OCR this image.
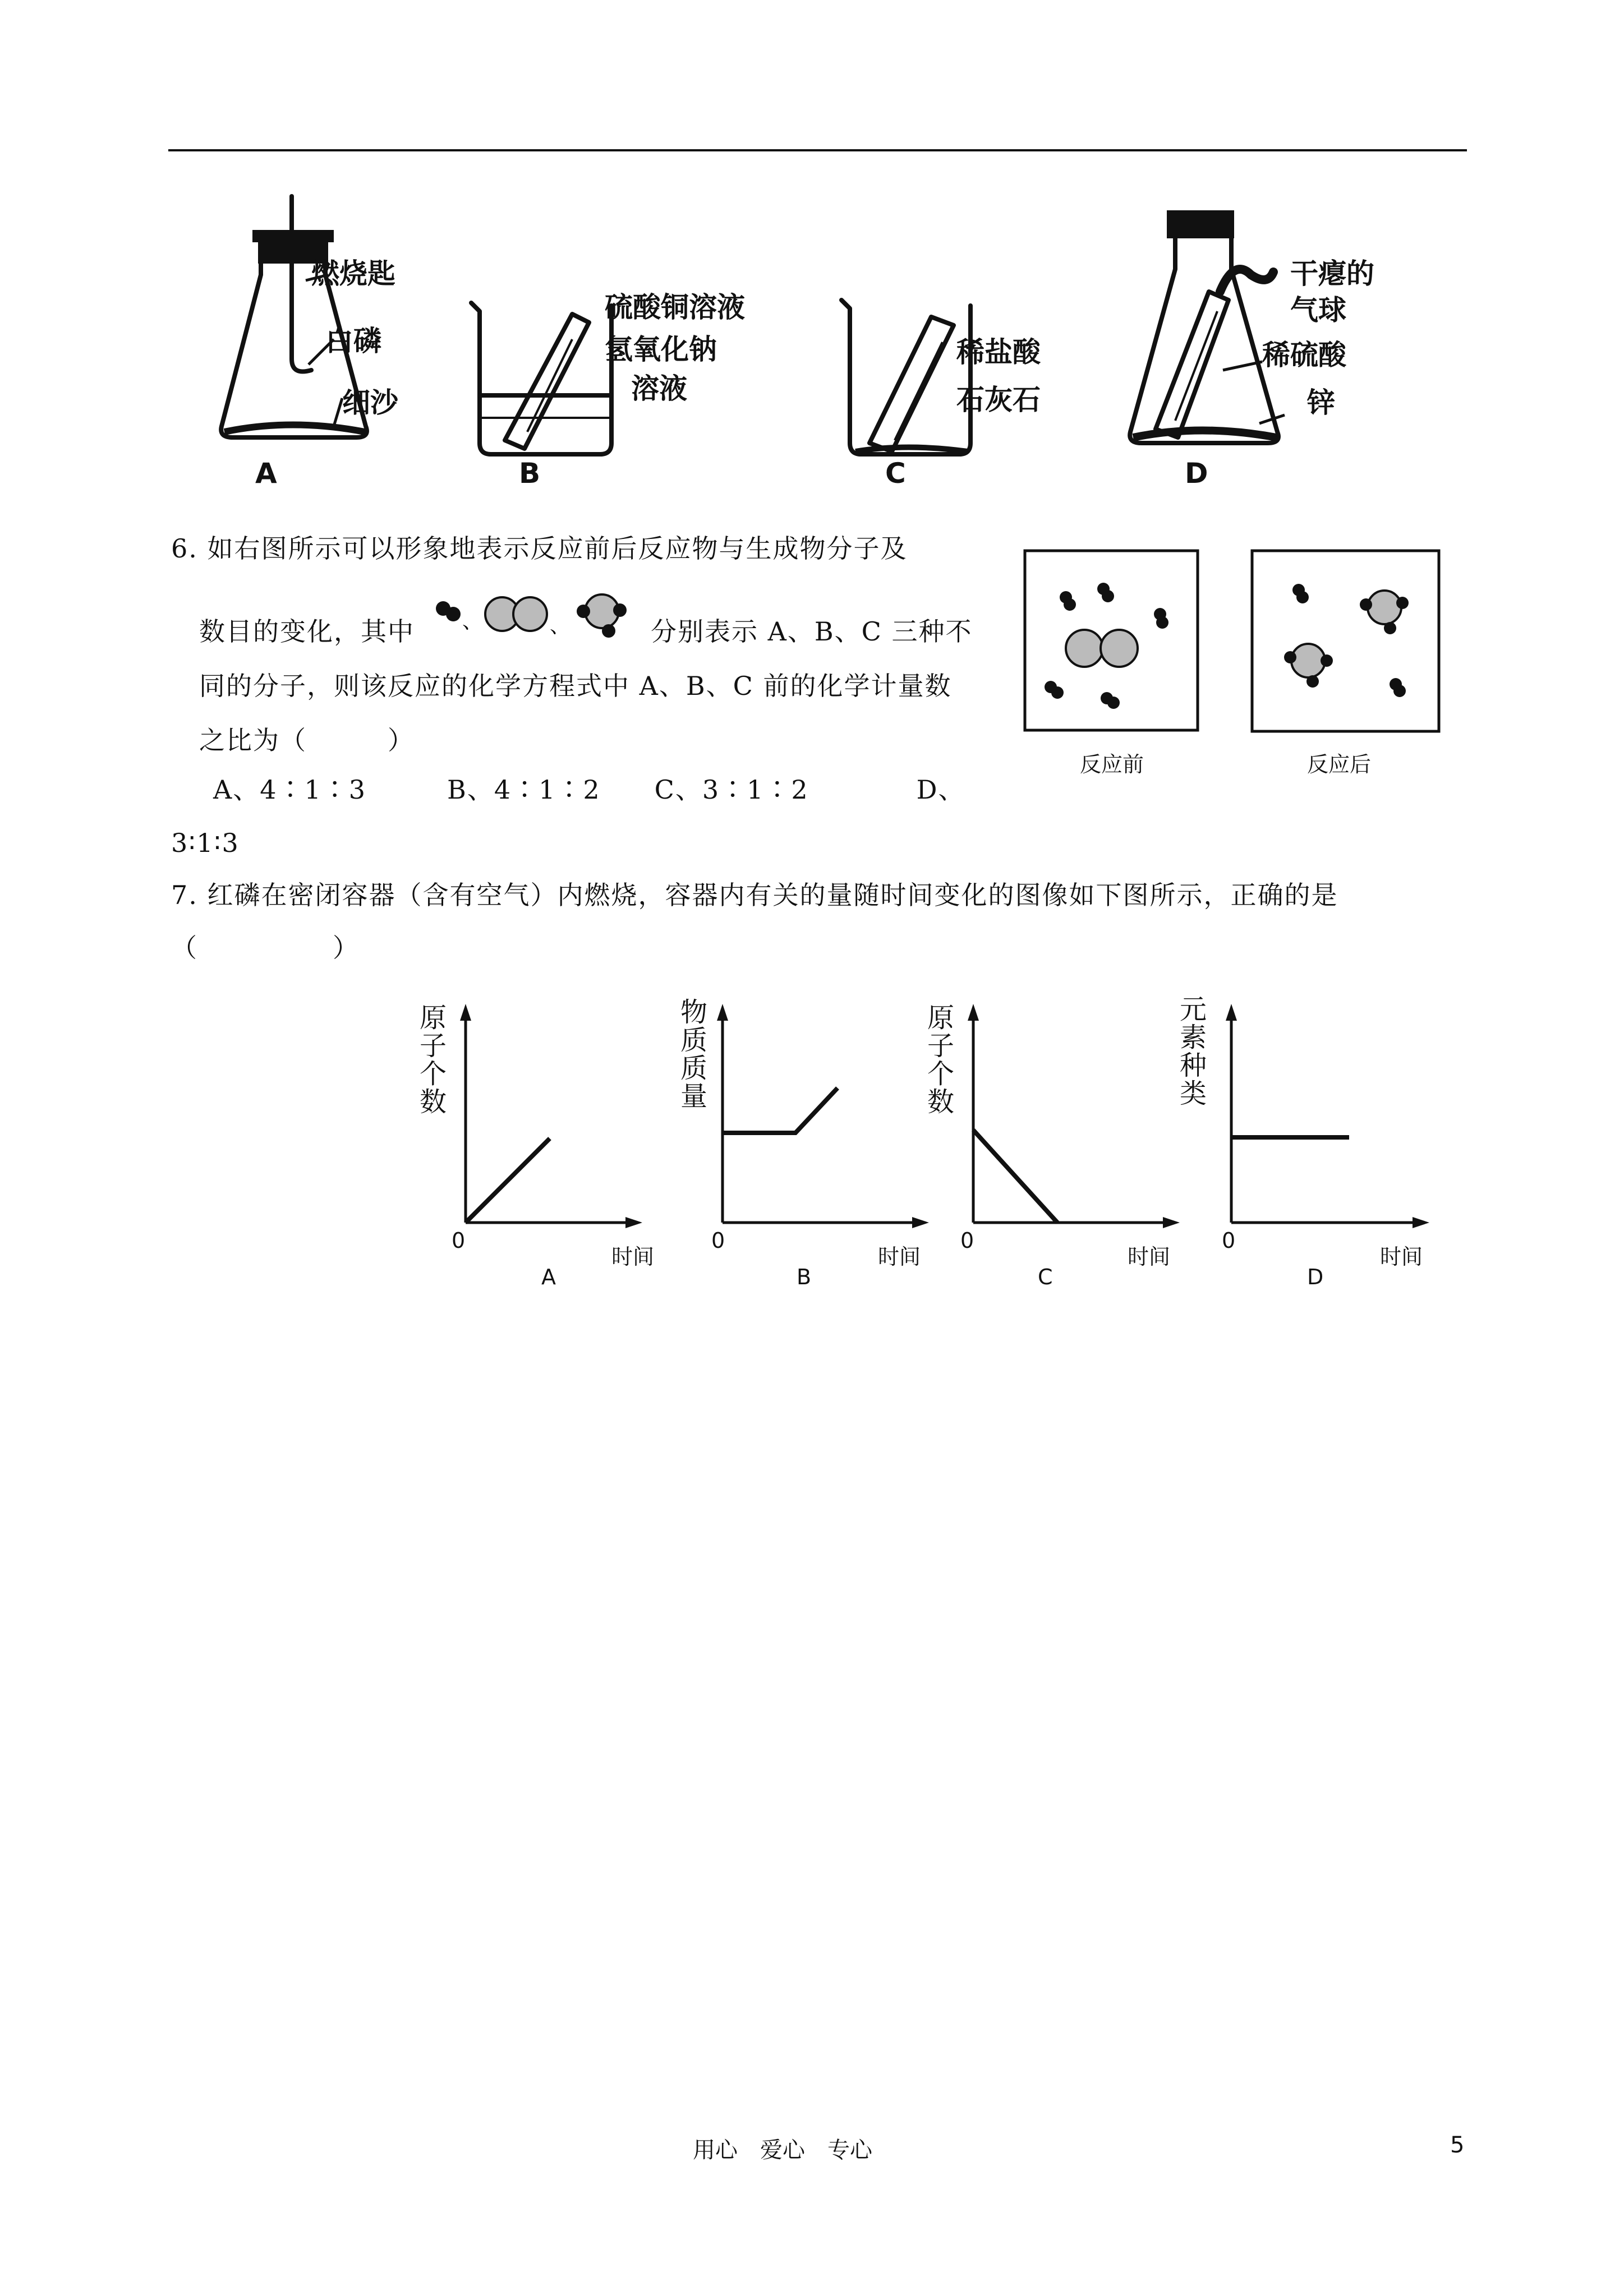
燃烧匙
白磷
细沙
A
硫酸铜溶液
氢氧化钠
溶液
B
稀盐酸
石灰石
C
干瘪的
气球
稀硫酸
锌
D
6. 如右图所示可以形象地表示反应前后反应物与生成物分子及
数目的变化，其中 、	、	分别表示 A、B、C 三种不
同的分子，则该反应的化学方程式中 A、B、C 前的化学计量数
之比为（　　　）
A、4∶1∶3　　　B、4∶1∶2　　C、3∶1∶2　　　　D、
3∶1∶3
反应前	反应后
7. 红磷在密闭容器（含有空气）内燃烧，容器内有关的量随时间变化的图像如下图所示，正确的是
（　　　　　）
原子个数
0
时间
A
物质质量
0
时间
B
原子个数
0
时间
C
元素种类
0
时间
D
用心　爱心　专心	5
